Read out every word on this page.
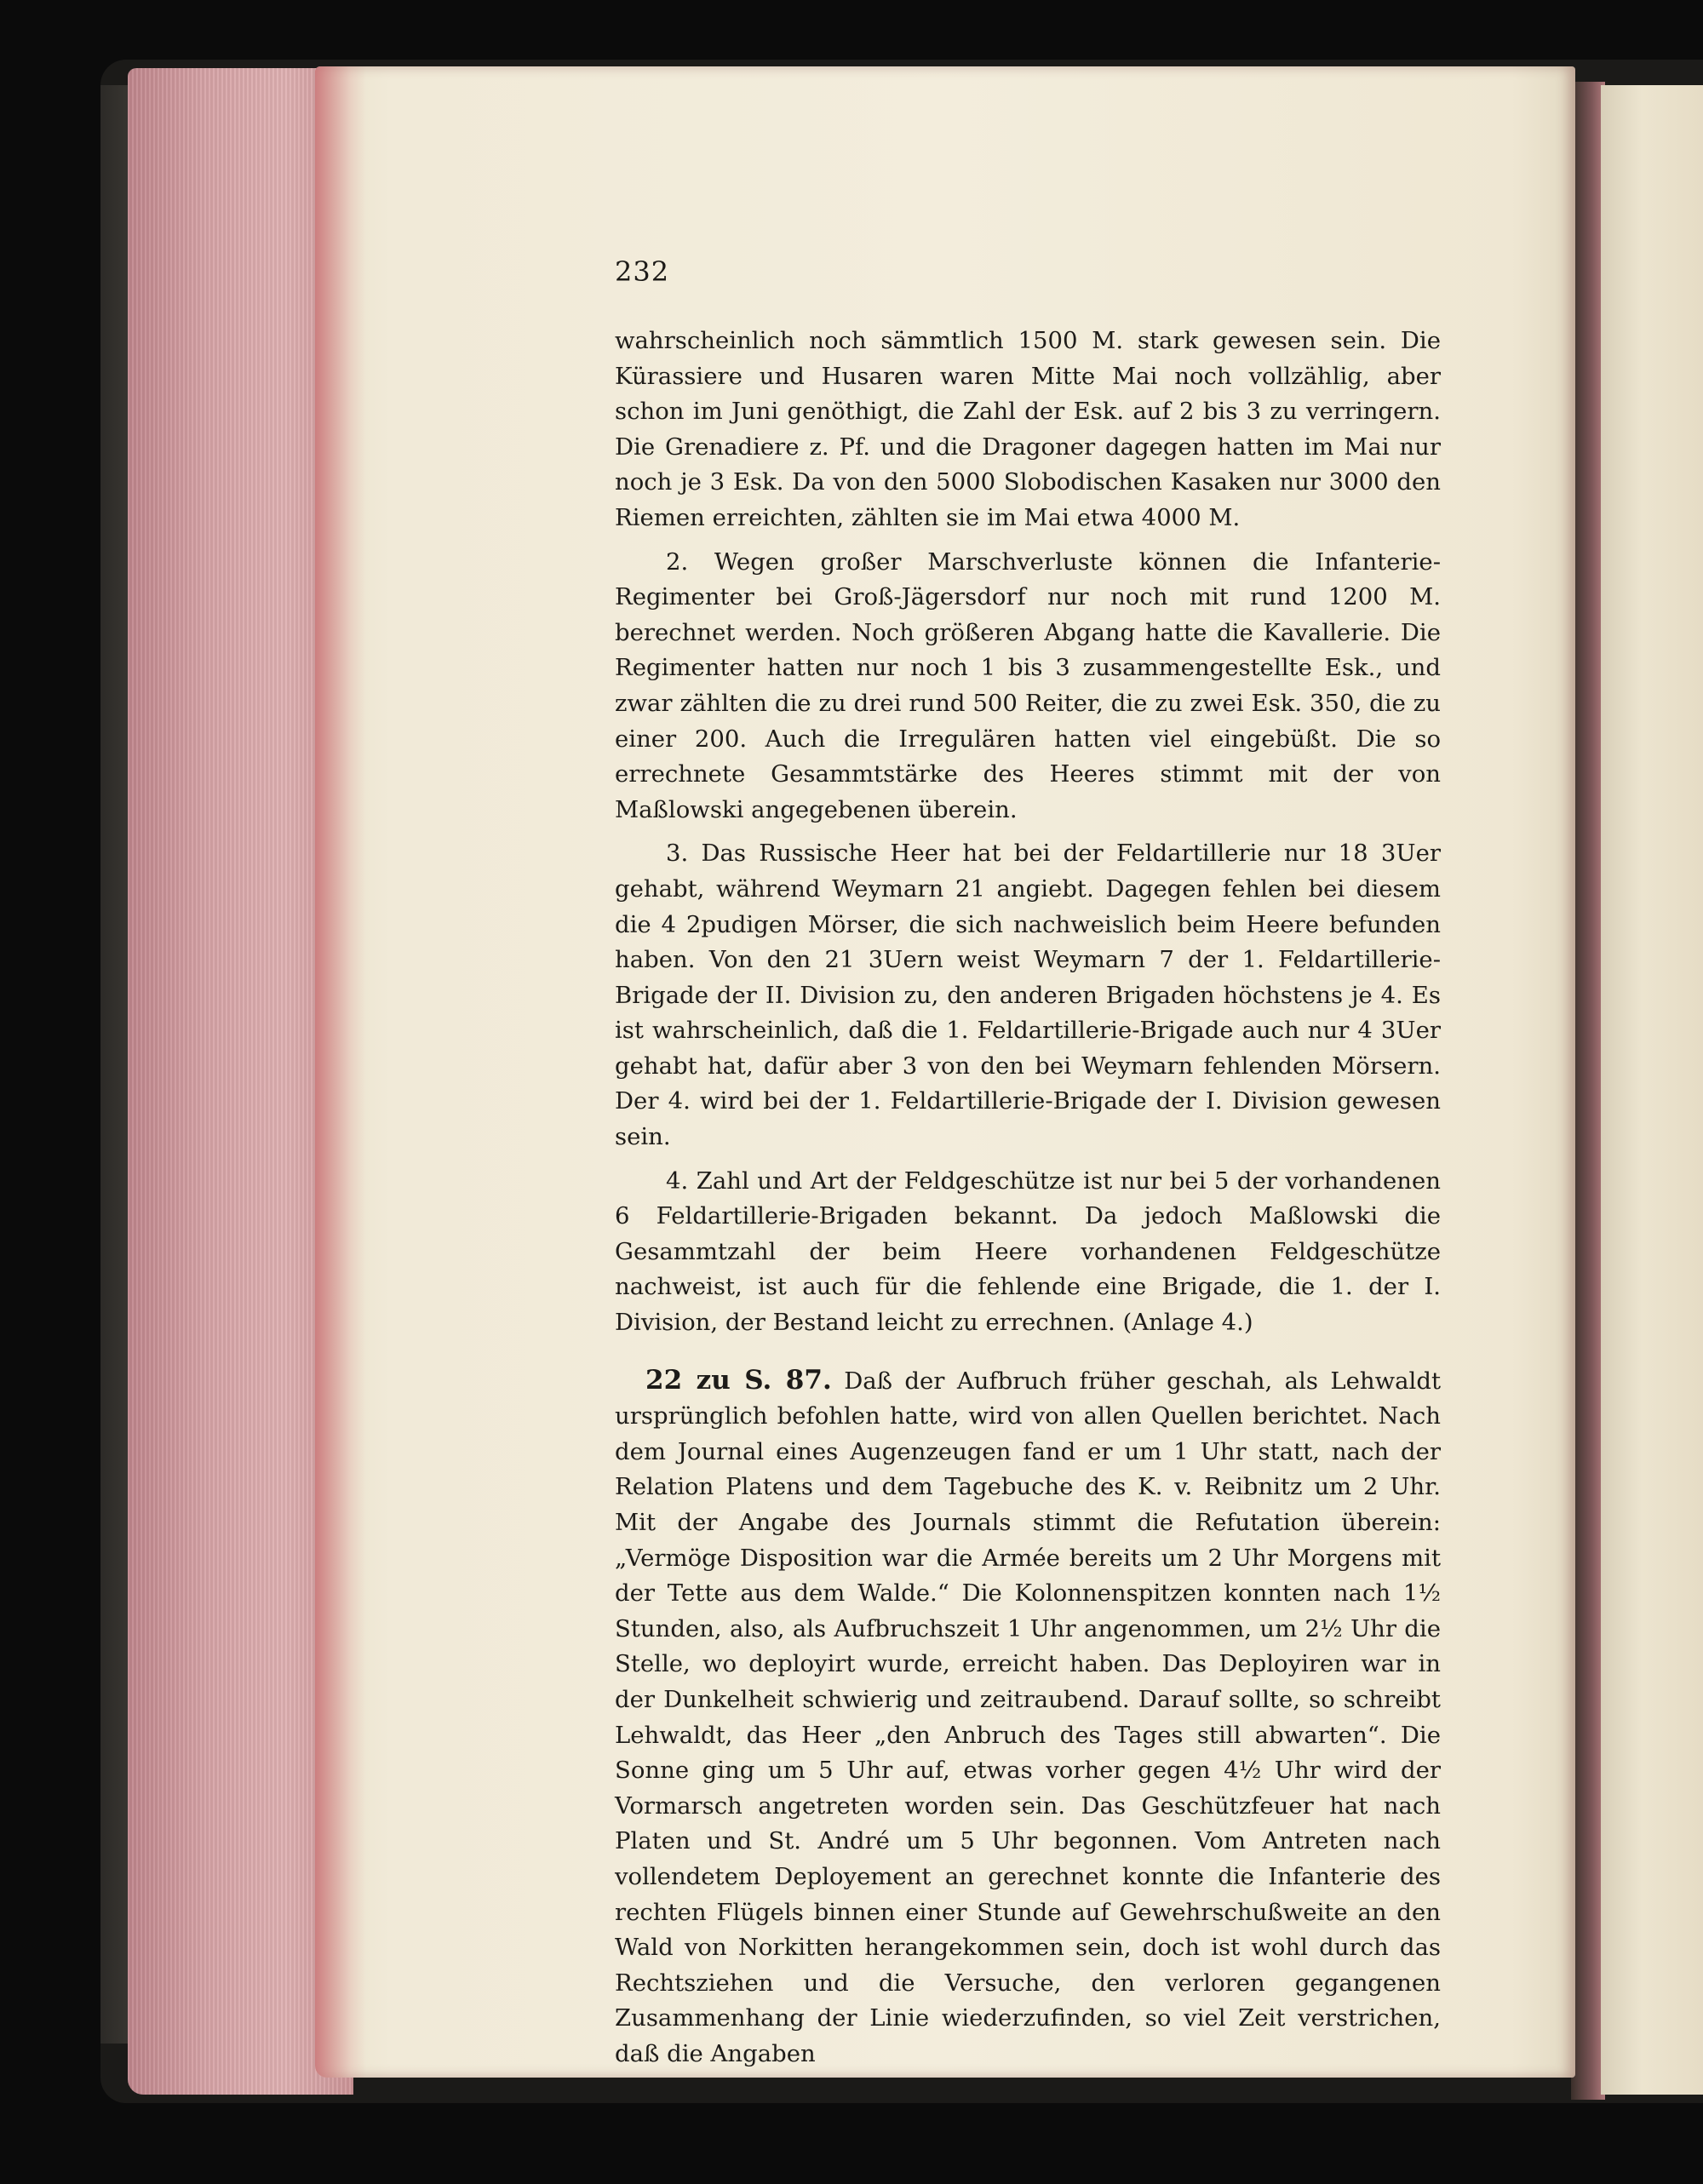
232

wahrscheinlich noch sämmtlich 1500 M. stark gewesen sein. Die Kürassiere und Husaren waren Mitte Mai noch vollzählig, aber schon im Juni genöthigt, die Zahl der Esk. auf 2 bis 3 zu verringern. Die Grenadiere z. Pf. und die Dragoner dagegen hatten im Mai nur noch je 3 Esk. Da von den 5000 Slobodischen Kasaken nur 3000 den Riemen erreichten, zählten sie im Mai etwa 4000 M.

2. Wegen großer Marschverluste können die Infanterie-Regimenter bei Groß-Jägersdorf nur noch mit rund 1200 M. berechnet werden. Noch größeren Abgang hatte die Kavallerie. Die Regimenter hatten nur noch 1 bis 3 zusammengestellte Esk., und zwar zählten die zu drei rund 500 Reiter, die zu zwei Esk. 350, die zu einer 200. Auch die Irregulären hatten viel eingebüßt. Die so errechnete Gesammtstärke des Heeres stimmt mit der von Maßlowski angegebenen überein.

3. Das Russische Heer hat bei der Feldartillerie nur 18 3Uer gehabt, während Weymarn 21 angiebt. Dagegen fehlen bei diesem die 4 2pudigen Mörser, die sich nachweislich beim Heere befunden haben. Von den 21 3Uern weist Weymarn 7 der 1. Feldartillerie-Brigade der II. Division zu, den anderen Brigaden höchstens je 4. Es ist wahrscheinlich, daß die 1. Feldartillerie-Brigade auch nur 4 3Uer gehabt hat, dafür aber 3 von den bei Weymarn fehlenden Mörsern. Der 4. wird bei der 1. Feldartillerie-Brigade der I. Division gewesen sein.

4. Zahl und Art der Feldgeschütze ist nur bei 5 der vorhandenen 6 Feldartillerie-Brigaden bekannt. Da jedoch Maßlowski die Gesammtzahl der beim Heere vorhandenen Feldgeschütze nachweist, ist auch für die fehlende eine Brigade, die 1. der I. Division, der Bestand leicht zu errechnen. (Anlage 4.)

22 zu S. 87. Daß der Aufbruch früher geschah, als Lehwaldt ursprünglich befohlen hatte, wird von allen Quellen berichtet. Nach dem Journal eines Augenzeugen fand er um 1 Uhr statt, nach der Relation Platens und dem Tagebuche des K. v. Reibnitz um 2 Uhr. Mit der Angabe des Journals stimmt die Refutation überein: „Vermöge Disposition war die Armée bereits um 2 Uhr Morgens mit der Tette aus dem Walde.“ Die Kolonnenspitzen konnten nach 1½ Stunden, also, als Aufbruchszeit 1 Uhr angenommen, um 2½ Uhr die Stelle, wo deployirt wurde, erreicht haben. Das Deployiren war in der Dunkelheit schwierig und zeitraubend. Darauf sollte, so schreibt Lehwaldt, das Heer „den Anbruch des Tages still abwarten“. Die Sonne ging um 5 Uhr auf, etwas vorher gegen 4½ Uhr wird der Vormarsch angetreten worden sein. Das Geschützfeuer hat nach Platen und St. André um 5 Uhr begonnen. Vom Antreten nach vollendetem Deployement an gerechnet konnte die Infanterie des rechten Flügels binnen einer Stunde auf Gewehrschußweite an den Wald von Norkitten herangekommen sein, doch ist wohl durch das Rechtsziehen und die Versuche, den verloren gegangenen Zusammenhang der Linie wiederzufinden, so viel Zeit verstrichen, daß die Angaben
